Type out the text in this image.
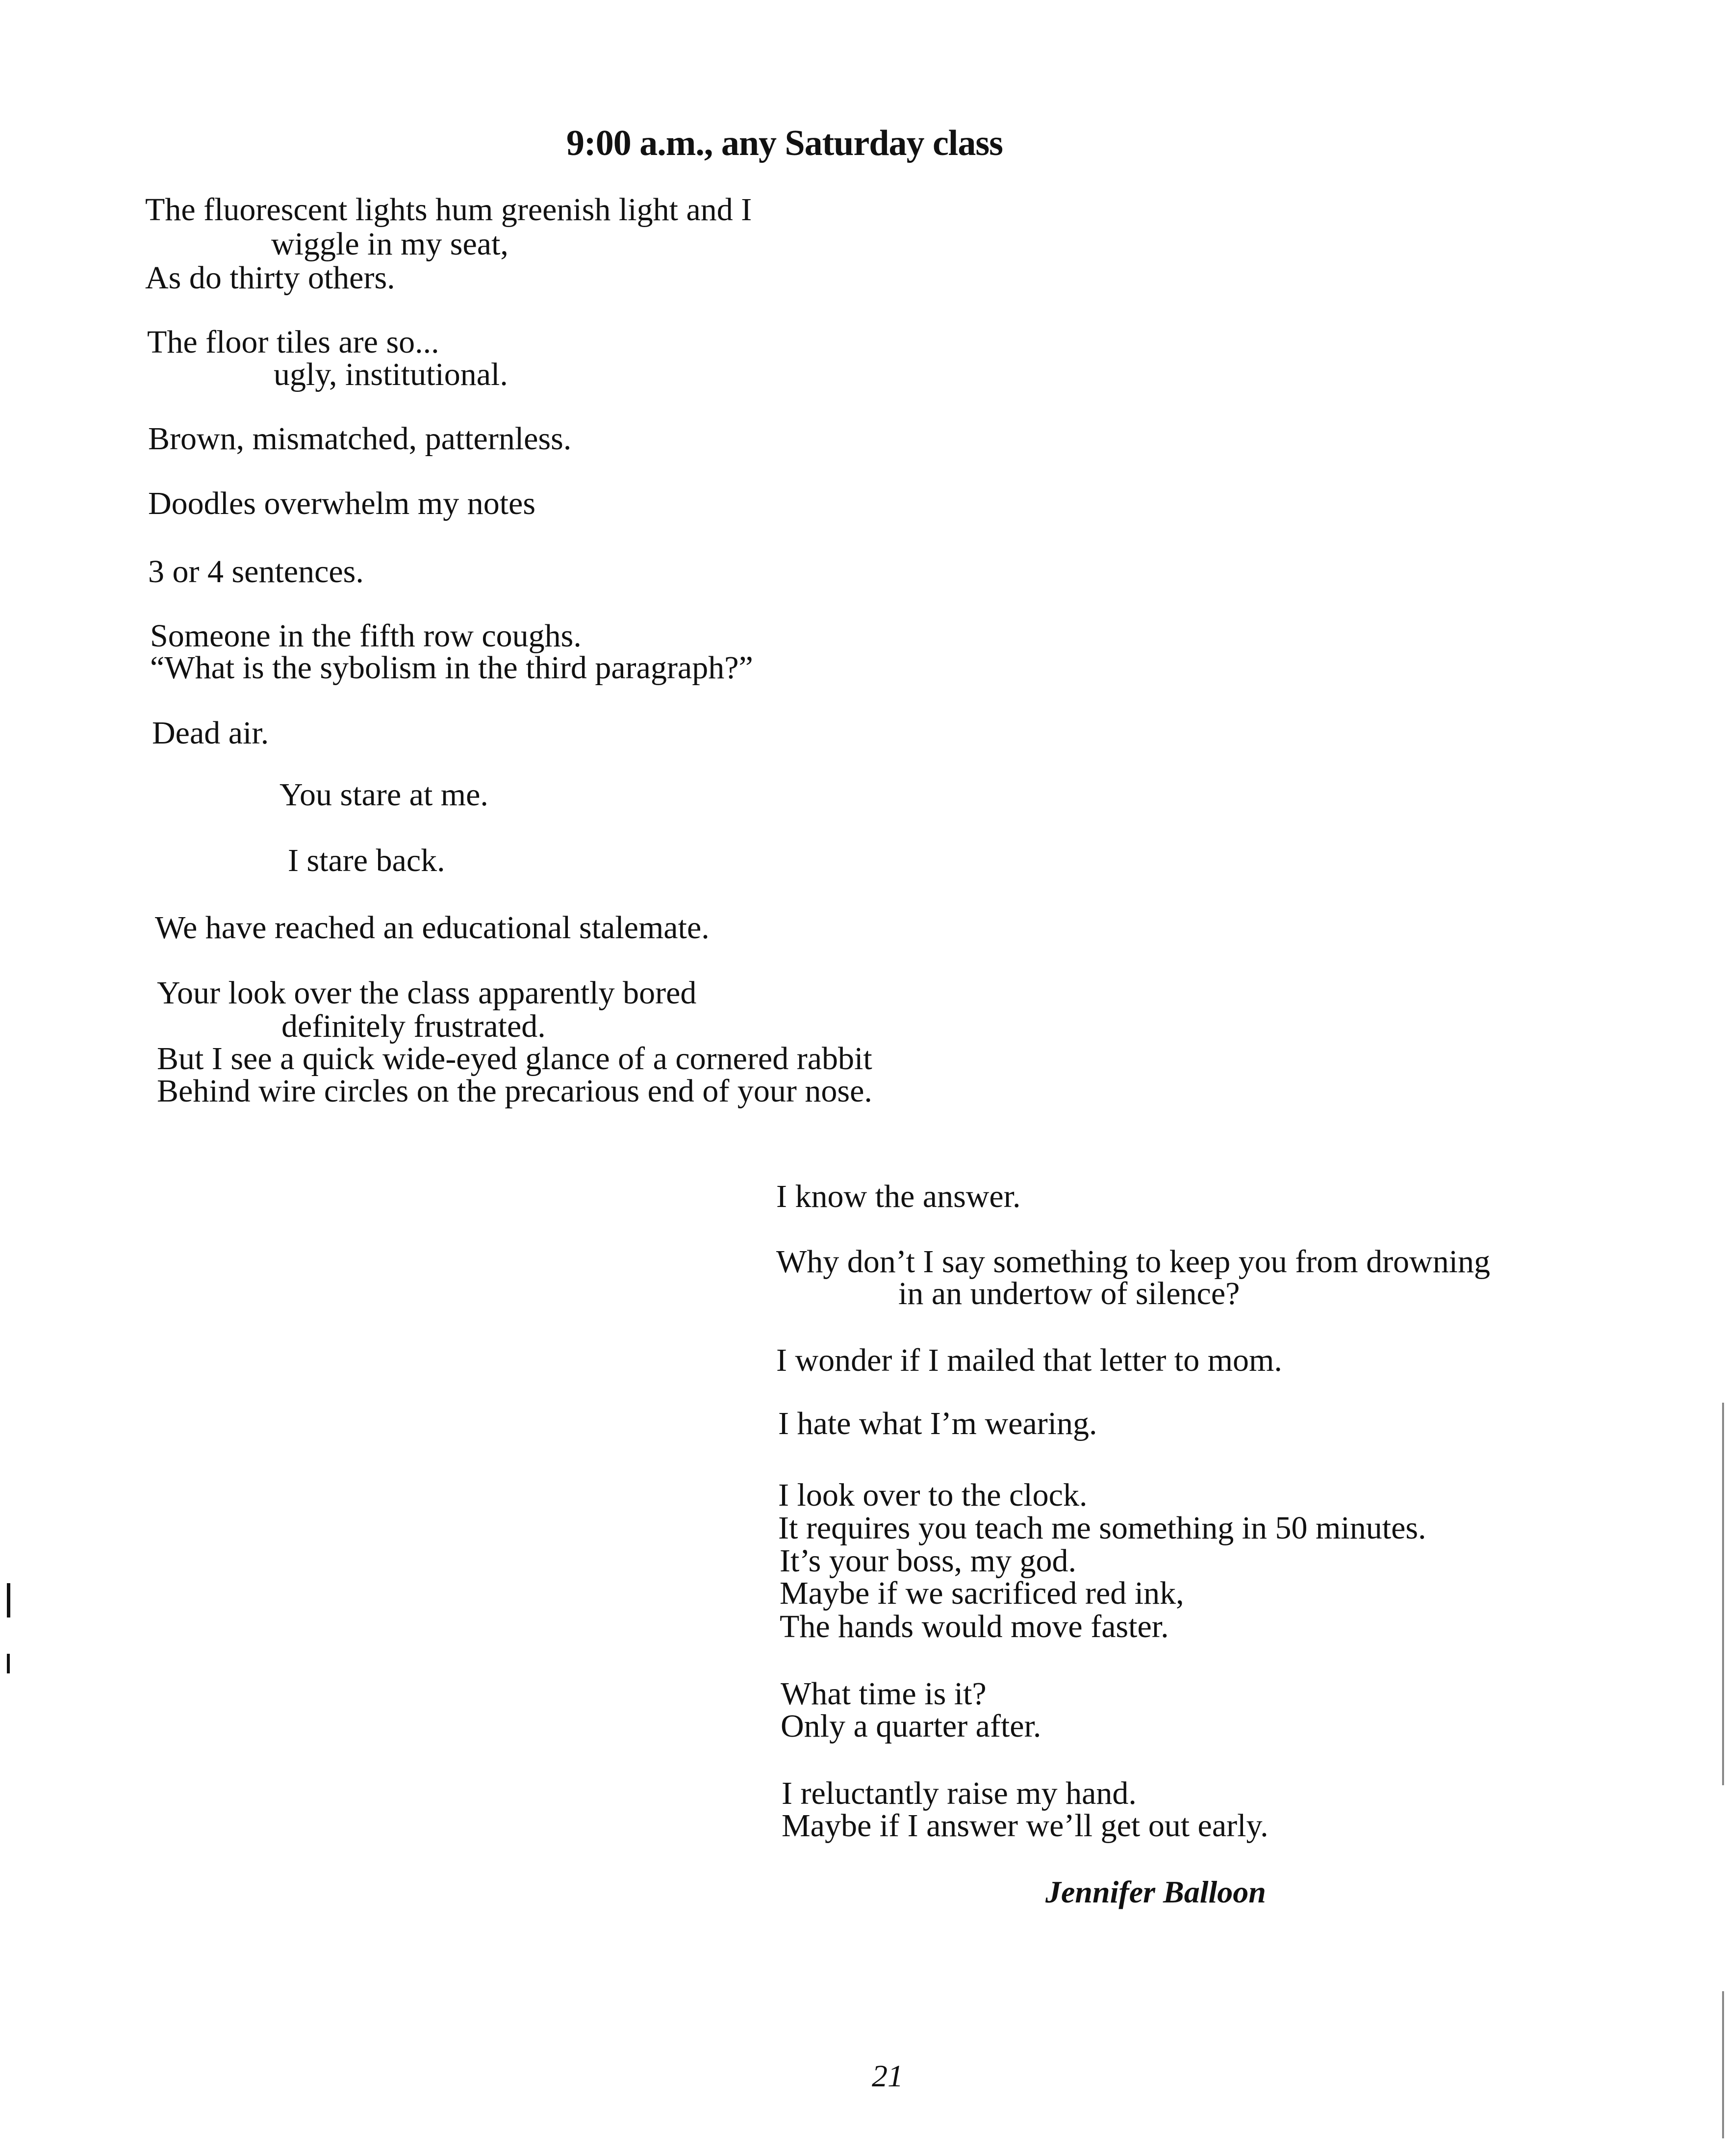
9:00 a.m., any Saturday class
The fluorescent lights hum greenish light and I
wiggle in my seat,
As do thirty others.
The floor tiles are so...
ugly, institutional.
Brown, mismatched, patternless.
Doodles overwhelm my notes
3 or 4 sentences.
Someone in the fifth row coughs.
“What is the sybolism in the third paragraph?”
Dead air.
You stare at me.
I stare back.
We have reached an educational stalemate.
Your look over the class apparently bored
definitely frustrated.
But I see a quick wide-eyed glance of a cornered rabbit
Behind wire circles on the precarious end of your nose.
I know the answer.
Why don’t I say something to keep you from drowning
in an undertow of silence?
I wonder if I mailed that letter to mom.
I hate what I’m wearing.
I look over to the clock.
It requires you teach me something in 50 minutes.
It’s your boss, my god.
Maybe if we sacrificed red ink,
The hands would move faster.
What time is it?
Only a quarter after.
I reluctantly raise my hand.
Maybe if I answer we’ll get out early.
Jennifer Balloon
21
